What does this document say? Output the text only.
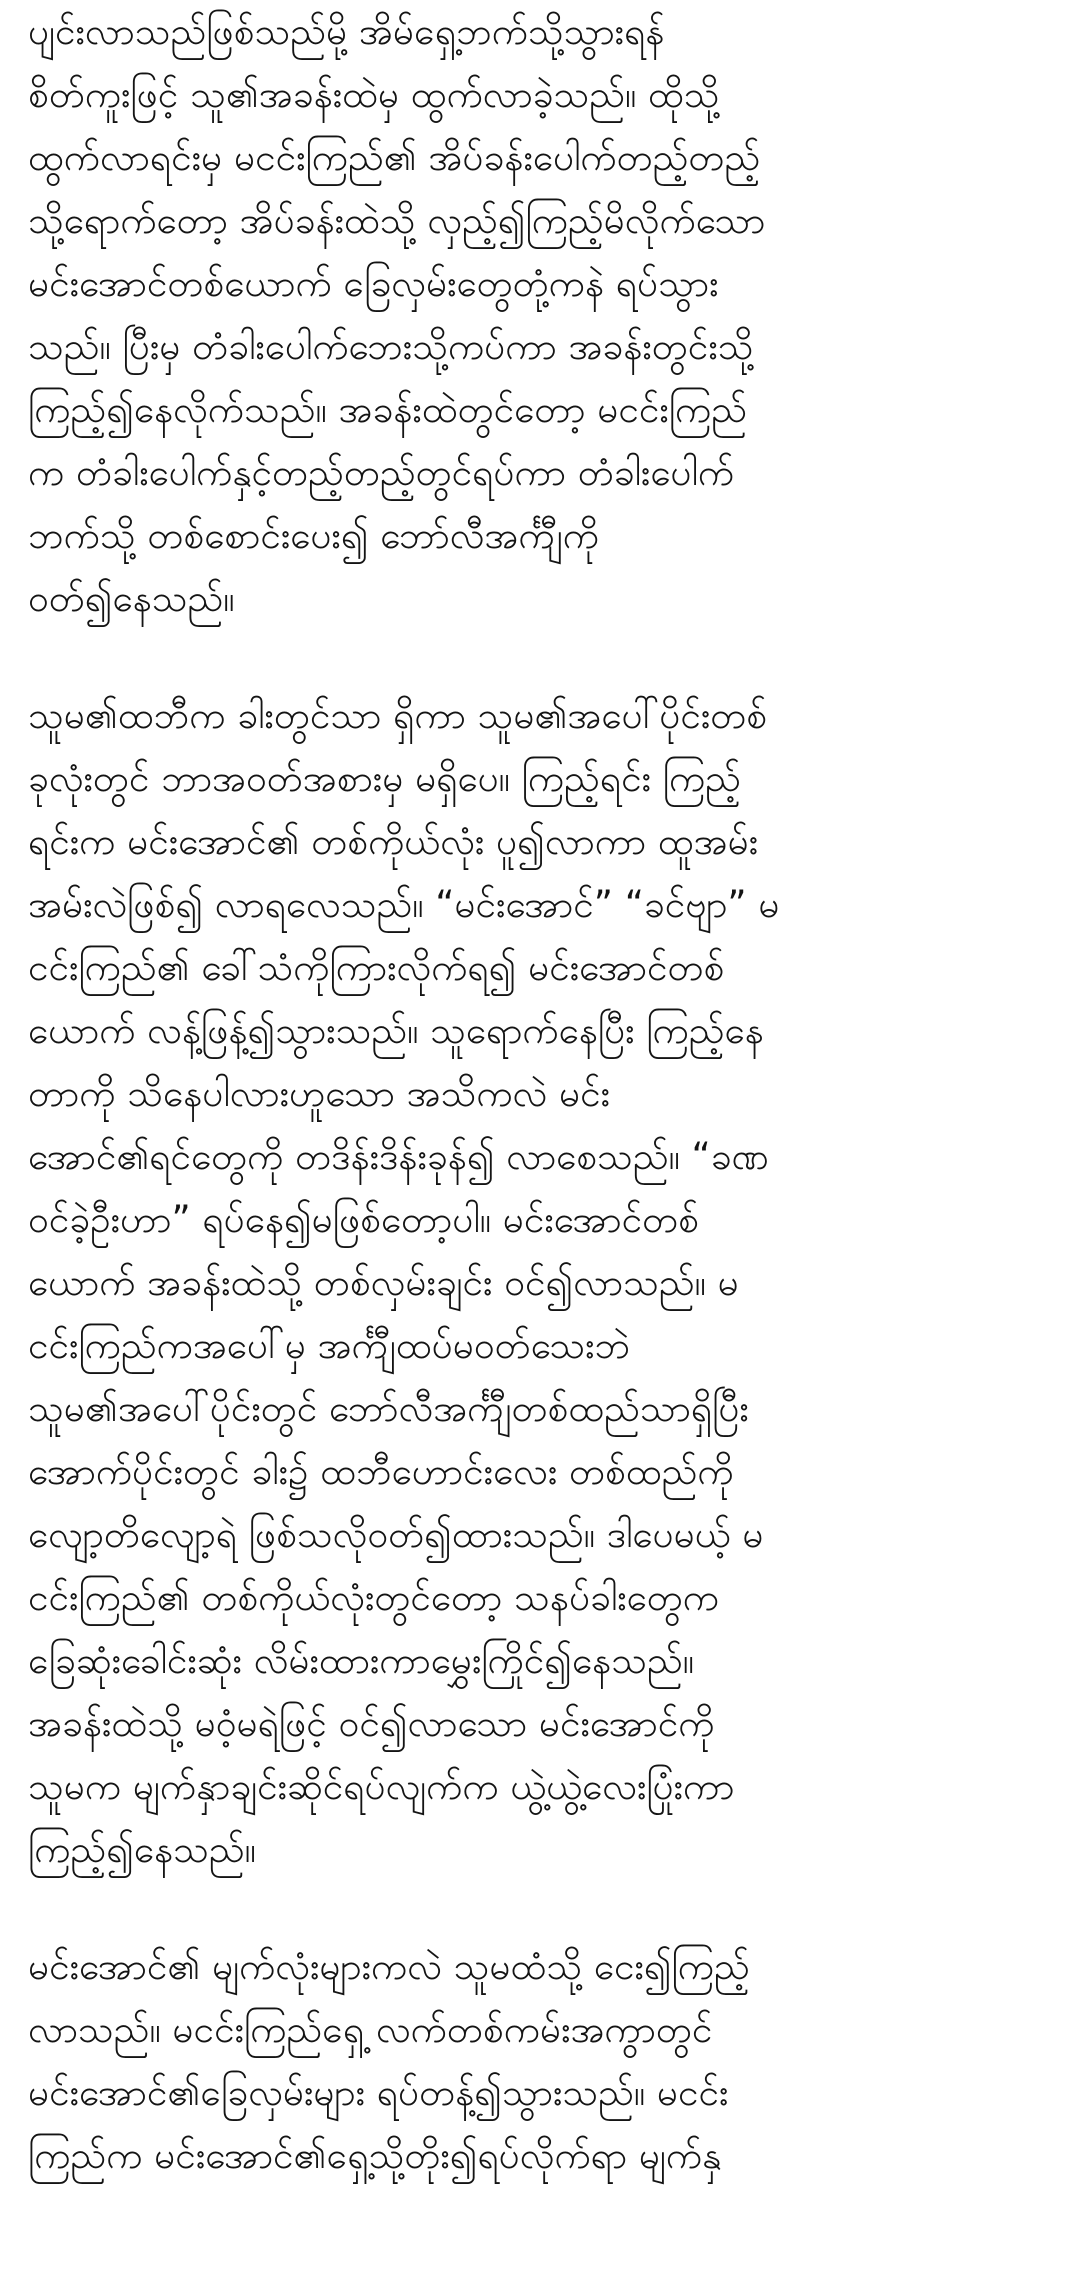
ပျင်းလာသည်ဖြစ်သည်မို့ အိမ်ရှေ့ဘက်သို့သွားရန်
စိတ်ကူးဖြင့် သူ၏အခန်းထဲမှ ထွက်လာခဲ့သည်။ ထိုသို့
ထွက်လာရင်းမှ မငင်းကြည်၏ အိပ်ခန်းပေါက်တည့်တည့်
သို့ရောက်တော့ အိပ်ခန်းထဲသို့ လှည့်၍ကြည့်မိလိုက်သော
မင်းအောင်တစ်ယောက် ခြေလှမ်းတွေတုံ့ကနဲ ရပ်သွား
သည်။ ပြီးမှ တံခါးပေါက်ဘေးသို့ကပ်ကာ အခန်းတွင်းသို့
ကြည့်၍နေလိုက်သည်။ အခန်းထဲတွင်တော့ မငင်းကြည်
က တံခါးပေါက်နှင့်တည့်တည့်တွင်ရပ်ကာ တံခါးပေါက်
ဘက်သို့ တစ်စောင်းပေး၍ ဘော်လီအင်္ကျီကို
ဝတ်၍နေသည်။
သူမ၏ထဘီက ခါးတွင်သာ ရှိကာ သူမ၏အပေါ်ပိုင်းတစ်
ခုလုံးတွင် ဘာအဝတ်အစားမှ မရှိပေ။ ကြည့်ရင်း ကြည့်
ရင်းက မင်းအောင်၏ တစ်ကိုယ်လုံး ပူ၍လာကာ ထူအမ်း
အမ်းလဲဖြစ်၍ လာရလေသည်။ “မင်းအောင်” “ခင်ဗျာ” မ
ငင်းကြည်၏ ခေါ်သံကိုကြားလိုက်ရ၍ မင်းအောင်တစ်
ယောက် လန့်ဖြန့်၍သွားသည်။ သူရောက်နေပြီး ကြည့်နေ
တာကို သိနေပါလားဟူသော အသိကလဲ မင်း
အောင်၏ရင်တွေကို တဒိန်းဒိန်းခုန်၍ လာစေသည်။ “ခဏ
ဝင်ခဲ့ဦးဟာ” ရပ်နေ၍မဖြစ်တော့ပါ။ မင်းအောင်တစ်
ယောက် အခန်းထဲသို့ တစ်လှမ်းချင်း ဝင်၍လာသည်။ မ
ငင်းကြည်ကအပေါ်မှ အင်္ကျီထပ်မဝတ်သေးဘဲ
သူမ၏အပေါ်ပိုင်းတွင် ဘော်လီအင်္ကျီတစ်ထည်သာရှိပြီး
အောက်ပိုင်းတွင် ခါး၌ ထဘီဟောင်းလေး တစ်ထည်ကို
လျော့တိလျော့ရဲ ဖြစ်သလိုဝတ်၍ထားသည်။ ဒါပေမယ့် မ
ငင်းကြည်၏ တစ်ကိုယ်လုံးတွင်တော့ သနပ်ခါးတွေက
ခြေဆုံးခေါင်းဆုံး လိမ်းထားကာမွှေးကြိုင်၍နေသည်။
အခန်းထဲသို့ မဝံ့မရဲဖြင့် ဝင်၍လာသော မင်းအောင်ကို
သူမက မျက်နှာချင်းဆိုင်ရပ်လျက်က ယွဲ့ယွဲ့လေးပြုံးကာ
ကြည့်၍နေသည်။
မင်းအောင်၏ မျက်လုံးများကလဲ သူမထံသို့ ငေး၍ကြည့်
လာသည်။ မငင်းကြည်ရှေ့ လက်တစ်ကမ်းအကွာတွင်
မင်းအောင်၏ခြေလှမ်းများ ရပ်တန့်၍သွားသည်။ မငင်း
ကြည်က မင်းအောင်၏ရှေ့သို့တိုး၍ရပ်လိုက်ရာ မျက်နှ
